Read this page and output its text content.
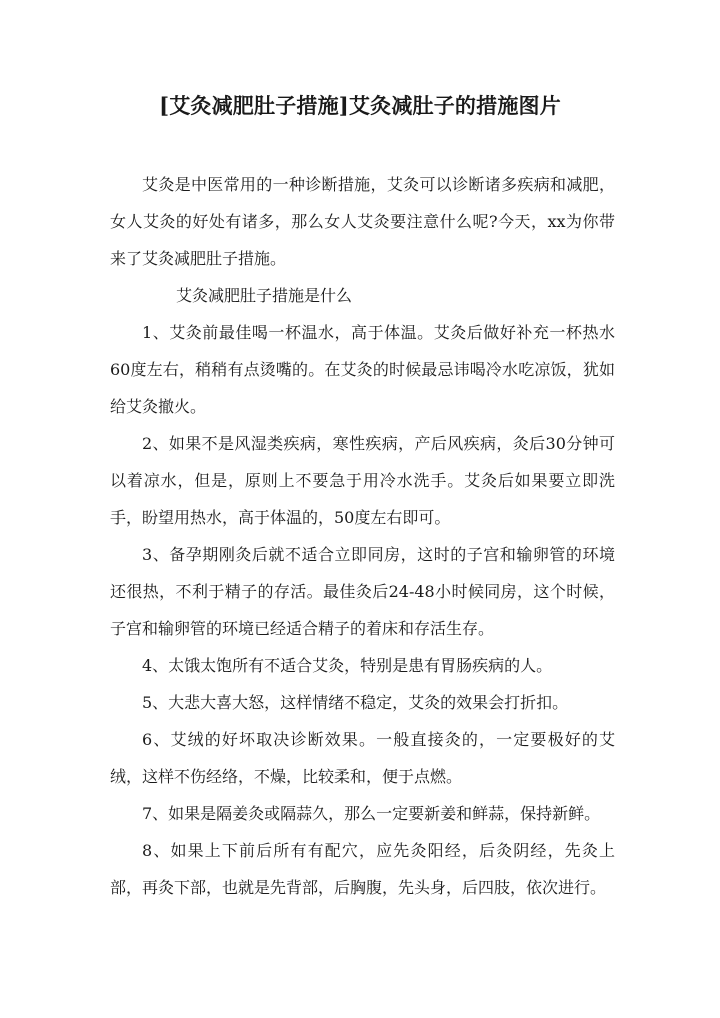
[艾灸减肥肚子措施]艾灸减肚子的措施图片

艾灸是中医常用的一种诊断措施，艾灸可以诊断诸多疾病和减肥，女人艾灸的好处有诸多，那么女人艾灸要注意什么呢?今天，xx为你带来了艾灸减肥肚子措施。

艾灸减肥肚子措施是什么

1、艾灸前最佳喝一杯温水，高于体温。艾灸后做好补充一杯热水60度左右，稍稍有点烫嘴的。在艾灸的时候最忌讳喝冷水吃凉饭，犹如给艾灸撤火。

2、如果不是风湿类疾病，寒性疾病，产后风疾病，灸后30分钟可以着凉水，但是，原则上不要急于用冷水洗手。艾灸后如果要立即洗手，盼望用热水，高于体温的，50度左右即可。

3、备孕期刚灸后就不适合立即同房，这时的子宫和输卵管的环境还很热，不利于精子的存活。最佳灸后24-48小时候同房，这个时候，子宫和输卵管的环境已经适合精子的着床和存活生存。

4、太饿太饱所有不适合艾灸，特别是患有胃肠疾病的人。

5、大悲大喜大怒，这样情绪不稳定，艾灸的效果会打折扣。

6、艾绒的好坏取决诊断效果。一般直接灸的，一定要极好的艾绒，这样不伤经络，不燥，比较柔和，便于点燃。

7、如果是隔姜灸或隔蒜久，那么一定要新姜和鲜蒜，保持新鲜。

8、如果上下前后所有有配穴，应先灸阳经，后灸阴经，先灸上部，再灸下部，也就是先背部，后胸腹，先头身，后四肢，依次进行。
